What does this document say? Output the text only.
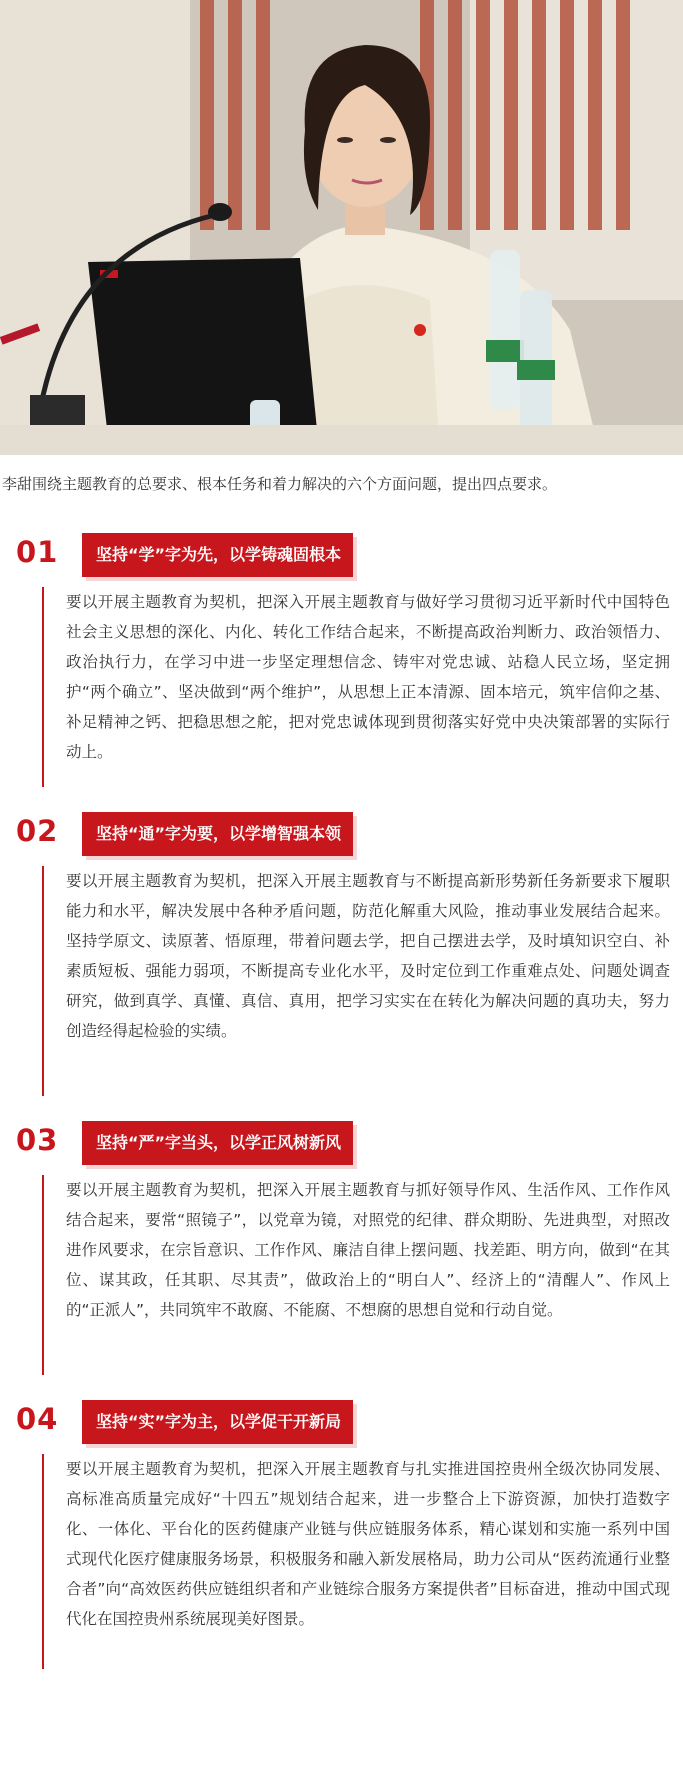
李甜围绕主题教育的总要求、根本任务和着力解决的六个方面问题，提出四点要求。
01	坚持“学”字为先，以学铸魂固根本

要以开展主题教育为契机，把深入开展主题教育与做好学习贯彻习近平新时代中国特色社会主义思想的深化、内化、转化工作结合起来，不断提高政治判断力、政治领悟力、政治执行力，在学习中进一步坚定理想信念、铸牢对党忠诚、站稳人民立场，坚定拥护“两个确立”、坚决做到“两个维护”，从思想上正本清源、固本培元，筑牢信仰之基、补足精神之钙、把稳思想之舵，把对党忠诚体现到贯彻落实好党中央决策部署的实际行动上。

02	坚持“通”字为要，以学增智强本领

要以开展主题教育为契机，把深入开展主题教育与不断提高新形势新任务新要求下履职能力和水平，解决发展中各种矛盾问题，防范化解重大风险，推动事业发展结合起来。坚持学原文、读原著、悟原理，带着问题去学，把自己摆进去学，及时填知识空白、补素质短板、强能力弱项，不断提高专业化水平，及时定位到工作重难点处、问题处调查研究，做到真学、真懂、真信、真用，把学习实实在在转化为解决问题的真功夫，努力创造经得起检验的实绩。

03	坚持“严”字当头，以学正风树新风

要以开展主题教育为契机，把深入开展主题教育与抓好领导作风、生活作风、工作作风结合起来，要常“照镜子”，以党章为镜，对照党的纪律、群众期盼、先进典型，对照改进作风要求，在宗旨意识、工作作风、廉洁自律上摆问题、找差距、明方向，做到“在其位、谋其政，任其职、尽其责”，做政治上的“明白人”、经济上的“清醒人”、作风上的“正派人”，共同筑牢不敢腐、不能腐、不想腐的思想自觉和行动自觉。

04	坚持“实”字为主，以学促干开新局

要以开展主题教育为契机，把深入开展主题教育与扎实推进国控贵州全级次协同发展、高标准高质量完成好“十四五”规划结合起来，进一步整合上下游资源，加快打造数字化、一体化、平台化的医药健康产业链与供应链服务体系，精心谋划和实施一系列中国式现代化医疗健康服务场景，积极服务和融入新发展格局，助力公司从“医药流通行业整合者”向“高效医药供应链组织者和产业链综合服务方案提供者”目标奋进，推动中国式现代化在国控贵州系统展现美好图景。
